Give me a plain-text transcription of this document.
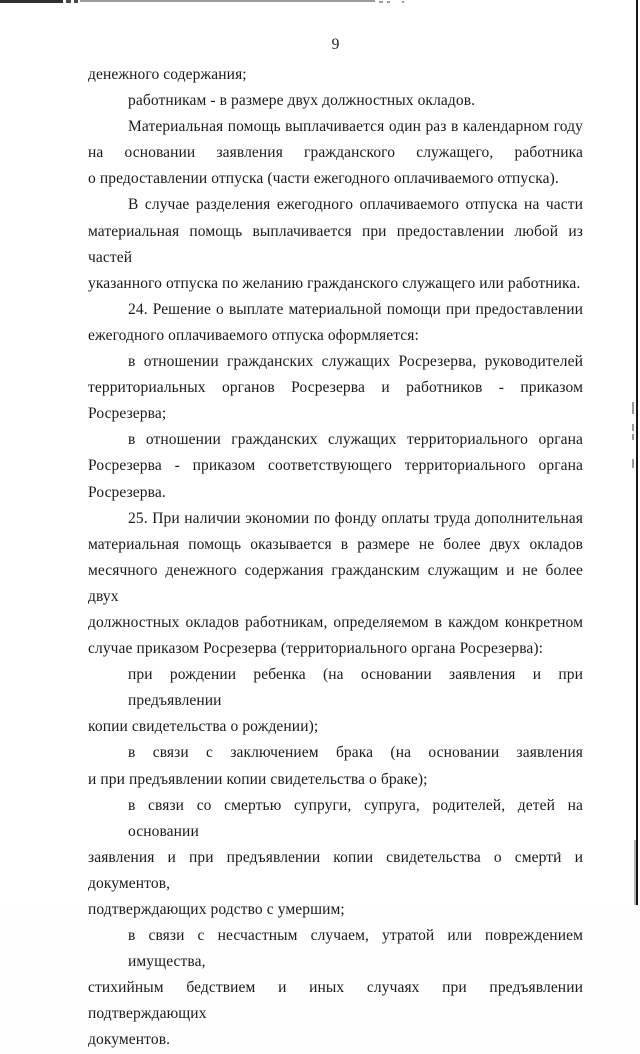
9
денежного содержания;
работникам - в размере двух должностных окладов.
Материальная помощь выплачивается один раз в календарном году
на основании заявления гражданского служащего, работника
о предоставлении отпуска (части ежегодного оплачиваемого отпуска).
В случае разделения ежегодного оплачиваемого отпуска на части
материальная помощь выплачивается при предоставлении любой из частей
указанного отпуска по желанию гражданского служащего или работника.
24. Решение о выплате материальной помощи при предоставлении
ежегодного оплачиваемого отпуска оформляется:
в отношении гражданских служащих Росрезерва, руководителей
территориальных органов Росрезерва и работников - приказом Росрезерва;
в отношении гражданских служащих территориального органа
Росрезерва - приказом соответствующего территориального органа
Росрезерва.
25. При наличии экономии по фонду оплаты труда дополнительная
материальная помощь оказывается в размере не более двух окладов
месячного денежного содержания гражданским служащим и не более двух
должностных окладов работникам, определяемом в каждом конкретном
случае приказом Росрезерва (территориального органа Росрезерва):
при рождении ребенка (на основании заявления и при предъявлении
копии свидетельства о рождении);
в связи с заключением брака (на основании заявления
и при предъявлении копии свидетельства о браке);
в связи со смертью супруги, супруга, родителей, детей на основании
заявления и при предъявлении копии свидетельства о смерти и документов,
подтверждающих родство с умершим;
в связи с несчастным случаем, утратой или повреждением имущества,
стихийным бедствием и иных случаях при предъявлении подтверждающих
документов.
